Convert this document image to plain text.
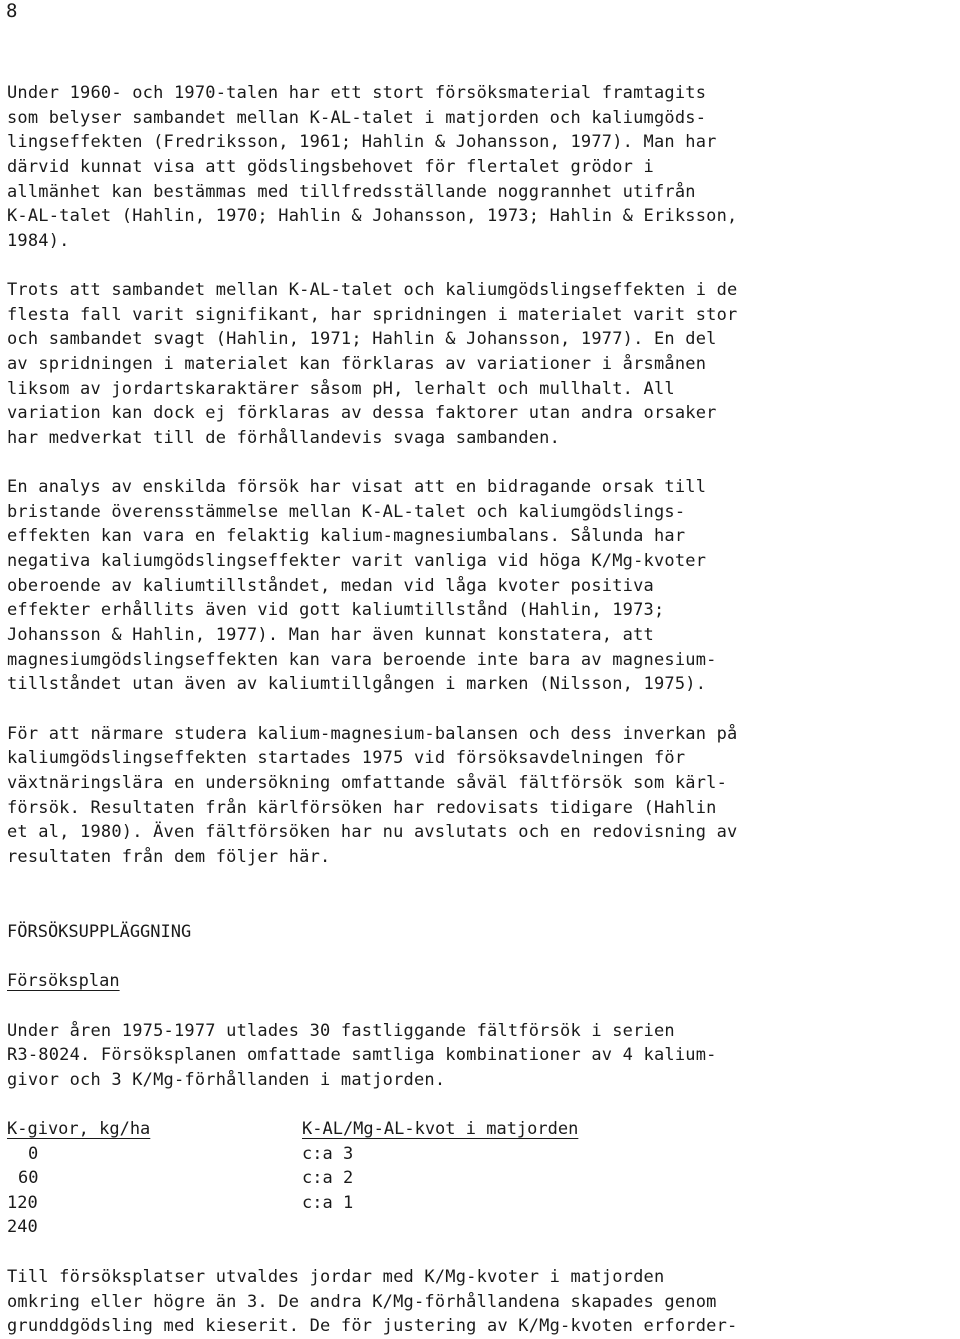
8
Under 1960- och 1970-talen har ett stort försöksmaterial framtagits
som belyser sambandet mellan K-AL-talet i matjorden och kaliumgöds-
lingseffekten (Fredriksson, 1961; Hahlin & Johansson, 1977). Man har
därvid kunnat visa att gödslingsbehovet för flertalet grödor i
allmänhet kan bestämmas med tillfredsställande noggrannhet utifrån
K-AL-talet (Hahlin, 1970; Hahlin & Johansson, 1973; Hahlin & Eriksson,
1984).
Trots att sambandet mellan K-AL-talet och kaliumgödslingseffekten i de
flesta fall varit signifikant, har spridningen i materialet varit stor
och sambandet svagt (Hahlin, 1971; Hahlin & Johansson, 1977). En del
av spridningen i materialet kan förklaras av variationer i årsmånen
liksom av jordartskaraktärer såsom pH, lerhalt och mullhalt. All
variation kan dock ej förklaras av dessa faktorer utan andra orsaker
har medverkat till de förhållandevis svaga sambanden.
En analys av enskilda försök har visat att en bidragande orsak till
bristande överensstämmelse mellan K-AL-talet och kaliumgödslings-
effekten kan vara en felaktig kalium-magnesiumbalans. Sålunda har
negativa kaliumgödslingseffekter varit vanliga vid höga K/Mg-kvoter
oberoende av kaliumtillståndet, medan vid låga kvoter positiva
effekter erhållits även vid gott kaliumtillstånd (Hahlin, 1973;
Johansson & Hahlin, 1977). Man har även kunnat konstatera, att
magnesiumgödslingseffekten kan vara beroende inte bara av magnesium-
tillståndet utan även av kaliumtillgången i marken (Nilsson, 1975).
För att närmare studera kalium-magnesium-balansen och dess inverkan på
kaliumgödslingseffekten startades 1975 vid försöksavdelningen för
växtnäringslära en undersökning omfattande såväl fältförsök som kärl-
försök. Resultaten från kärlförsöken har redovisats tidigare (Hahlin
et al, 1980). Även fältförsöken har nu avslutats och en redovisning av
resultaten från dem följer här.
FÖRSÖKSUPPLÄGGNING
Försöksplan
Under åren 1975-1977 utlades 30 fastliggande fältförsök i serien
R3-8024. Försöksplanen omfattade samtliga kombinationer av 4 kalium-
givor och 3 K/Mg-förhållanden i matjorden.
K-givor, kg/ha	K-AL/Mg-AL-kvot i matjorden
0
60
120
240
c:a 3
c:a 2
c:a 1
Till försöksplatser utvaldes jordar med K/Mg-kvoter i matjorden
omkring eller högre än 3. De andra K/Mg-förhållandena skapades genom
grunddgödsling med kieserit. De för justering av K/Mg-kvoten erforder-
